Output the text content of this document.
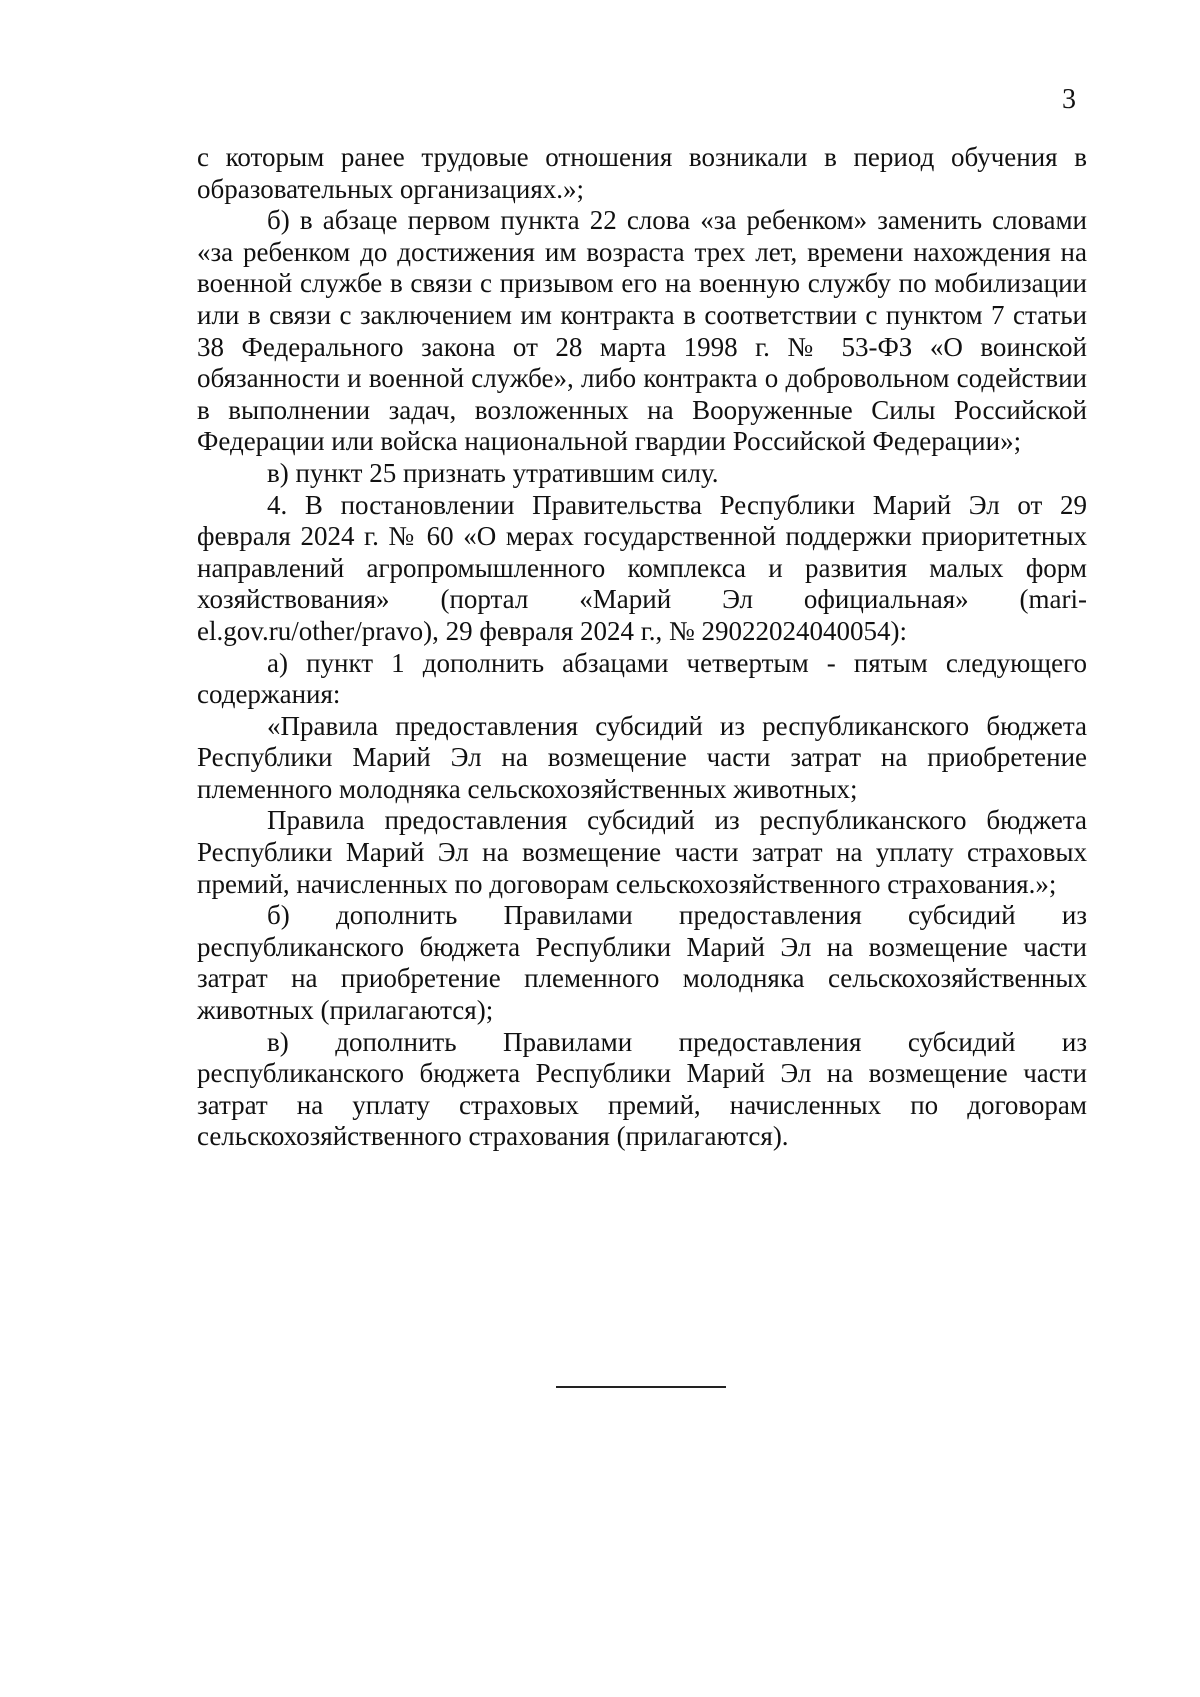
3

с которым ранее трудовые отношения возникали в период обучения в образовательных организациях.»;

б) в абзаце первом пункта 22 слова «за ребенком» заменить словами «за ребенком до достижения им возраста трех лет, времени нахождения на военной службе в связи с призывом его на военную службу по мобилизации или в связи с заключением им контракта в соответствии с пунктом 7 статьи 38 Федерального закона от 28 марта 1998 г. № 53-ФЗ «О воинской обязанности и военной службе», либо контракта о добровольном содействии в выполнении задач, возложенных на Вооруженные Силы Российской Федерации или войска национальной гвардии Российской Федерации»;

в) пункт 25 признать утратившим силу.

4. В постановлении Правительства Республики Марий Эл от 29 февраля 2024 г. № 60 «О мерах государственной поддержки приоритетных направлений агропромышленного комплекса и развития малых форм хозяйствования» (портал «Марий Эл официальная» (mari-el.gov.ru/other/pravo), 29 февраля 2024 г., № 29022024040054):

а) пункт 1 дополнить абзацами четвертым - пятым следующего содержания:

«Правила предоставления субсидий из республиканского бюджета Республики Марий Эл на возмещение части затрат на приобретение племенного молодняка сельскохозяйственных животных;

Правила предоставления субсидий из республиканского бюджета Республики Марий Эл на возмещение части затрат на уплату страховых премий, начисленных по договорам сельскохозяйственного страхования.»;

б) дополнить Правилами предоставления субсидий из республиканского бюджета Республики Марий Эл на возмещение части затрат на приобретение племенного молодняка сельскохозяйственных животных (прилагаются);

в) дополнить Правилами предоставления субсидий из республиканского бюджета Республики Марий Эл на возмещение части затрат на уплату страховых премий, начисленных по договорам сельскохозяйственного страхования (прилагаются).
